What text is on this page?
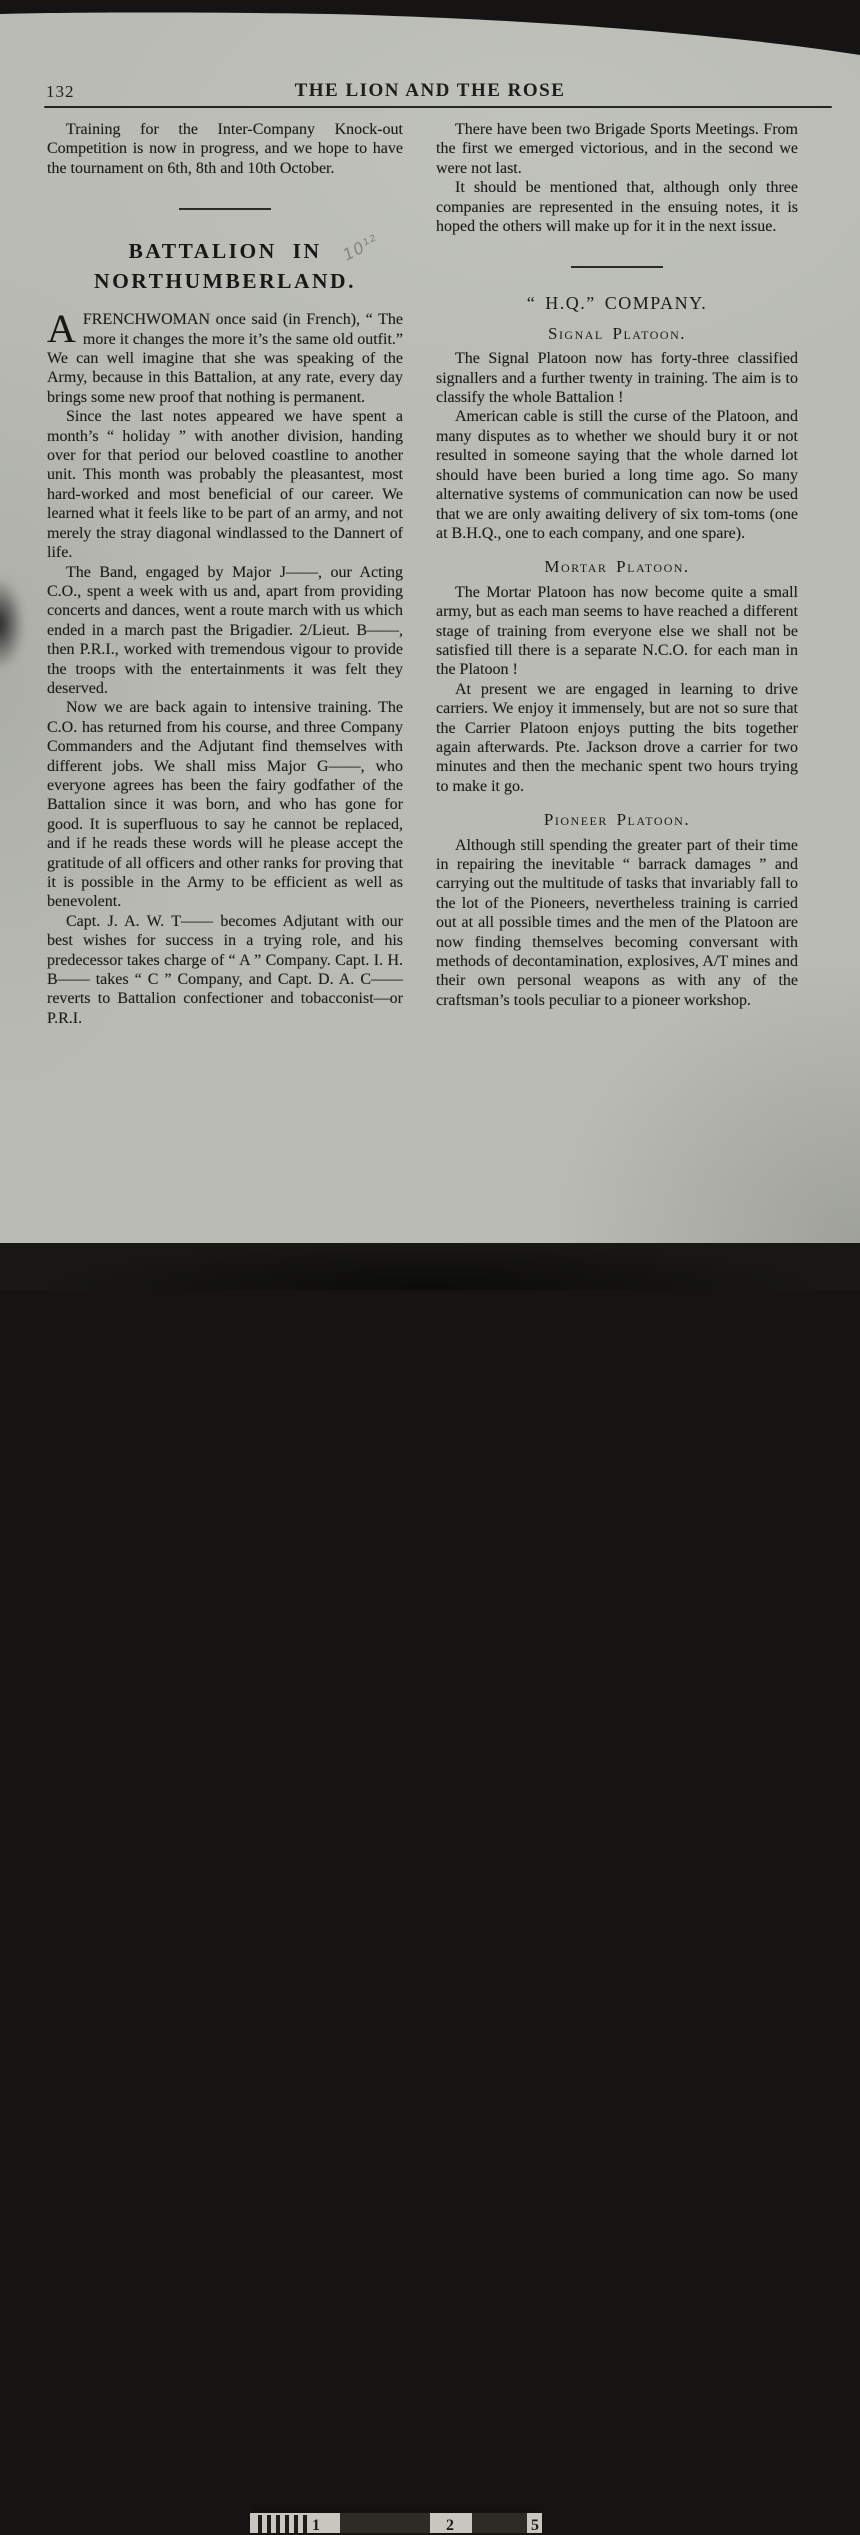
132	THE LION AND THE ROSE
10¹²

Training for the Inter-Company Knock-out Competition is now in progress, and we hope to have the tournament on 6th, 8th and 10th October.

BATTALION IN
NORTHUMBERLAND.

AFRENCHWOMAN once said (in French), “ The more it changes the more it’s the same old outfit.” We can well imagine that she was speaking of the Army, because in this Battalion, at any rate, every day brings some new proof that nothing is permanent.

Since the last notes appeared we have spent a month’s “ holiday ” with another division, handing over for that period our beloved coastline to another unit. This month was probably the pleasantest, most hard-worked and most beneficial of our career. We learned what it feels like to be part of an army, and not merely the stray diagonal windlassed to the Dannert of life.

The Band, engaged by Major J——, our Acting C.O., spent a week with us and, apart from providing concerts and dances, went a route march with us which ended in a march past the Brigadier. 2/Lieut. B——, then P.R.I., worked with tremendous vigour to provide the troops with the entertainments it was felt they deserved.

Now we are back again to intensive training. The C.O. has returned from his course, and three Company Commanders and the Adjutant find themselves with different jobs. We shall miss Major G——, who everyone agrees has been the fairy godfather of the Battalion since it was born, and who has gone for good. It is superfluous to say he cannot be replaced, and if he reads these words will he please accept the gratitude of all officers and other ranks for proving that it is possible in the Army to be efficient as well as benevolent.

Capt. J. A. W. T—— becomes Adjutant with our best wishes for success in a trying role, and his predecessor takes charge of “ A ” Company. Capt. I. H. B—— takes “ C ” Company, and Capt. D. A. C—— reverts to Battalion confectioner and tobacconist—or P.R.I.

There have been two Brigade Sports Meetings. From the first we emerged victorious, and in the second we were not last.

It should be mentioned that, although only three companies are represented in the ensuing notes, it is hoped the others will make up for it in the next issue.

“ H.Q.” COMPANY.
Signal Platoon.

The Signal Platoon now has forty-three classified signallers and a further twenty in training. The aim is to classify the whole Battalion !

American cable is still the curse of the Platoon, and many disputes as to whether we should bury it or not resulted in someone saying that the whole darned lot should have been buried a long time ago. So many alternative systems of communication can now be used that we are only awaiting delivery of six tom-toms (one at B.H.Q., one to each company, and one spare).

Mortar Platoon.

The Mortar Platoon has now become quite a small army, but as each man seems to have reached a different stage of training from everyone else we shall not be satisfied till there is a separate N.C.O. for each man in the Platoon !

At present we are engaged in learning to drive carriers. We enjoy it immensely, but are not so sure that the Carrier Platoon enjoys putting the bits together again afterwards. Pte. Jackson drove a carrier for two minutes and then the mechanic spent two hours trying to make it go.

Pioneer Platoon.

Although still spending the greater part of their time in repairing the inevitable “ barrack damages ” and carrying out the multitude of tasks that invariably fall to the lot of the Pioneers, nevertheless training is carried out at all possible times and the men of the Platoon are now finding themselves becoming conversant with methods of decontamination, explosives, A/T mines and their own personal weapons as with any of the craftsman’s tools peculiar to a pioneer workshop.

1	2	5
